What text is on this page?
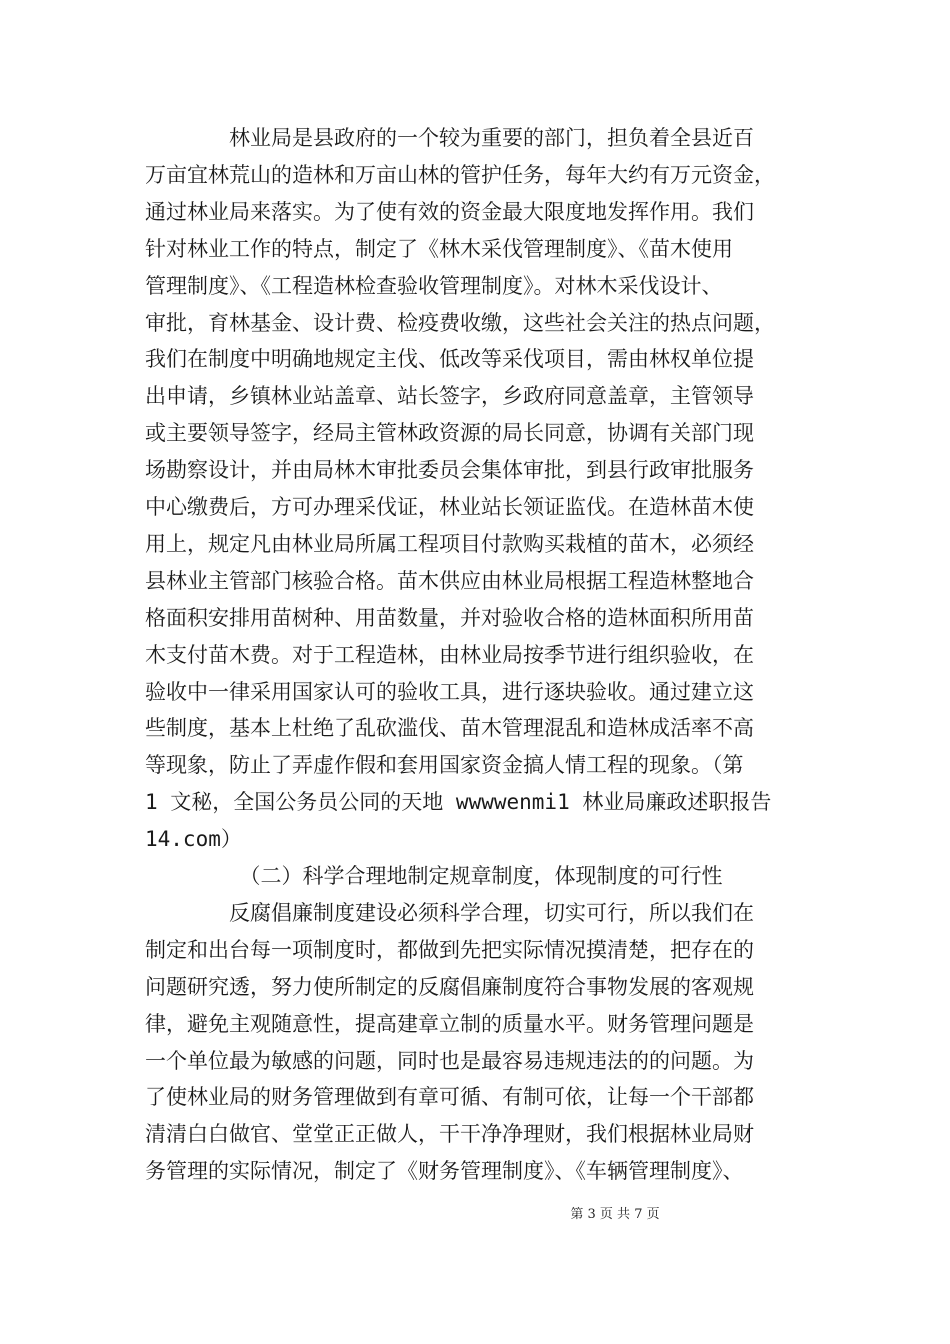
　　　　林业局是县政府的一个较为重要的部门，担负着全县近百
万亩宜林荒山的造林和万亩山林的管护任务，每年大约有万元资金，
通过林业局来落实。为了使有效的资金最大限度地发挥作用。我们
针对林业工作的特点，制定了《林木采伐管理制度》、《苗木使用
管理制度》、《工程造林检查验收管理制度》。对林木采伐设计、
审批，育林基金、设计费、检疫费收缴，这些社会关注的热点问题，
我们在制度中明确地规定主伐、低改等采伐项目，需由林权单位提
出申请，乡镇林业站盖章、站长签字，乡政府同意盖章，主管领导
或主要领导签字，经局主管林政资源的局长同意，协调有关部门现
场勘察设计，并由局林木审批委员会集体审批，到县行政审批服务
中心缴费后，方可办理采伐证，林业站长领证监伐。在造林苗木使
用上，规定凡由林业局所属工程项目付款购买栽植的苗木，必须经
县林业主管部门核验合格。苗木供应由林业局根据工程造林整地合
格面积安排用苗树种、用苗数量，并对验收合格的造林面积所用苗
木支付苗木费。对于工程造林，由林业局按季节进行组织验收，在
验收中一律采用国家认可的验收工具，进行逐块验收。通过建立这
些制度，基本上杜绝了乱砍滥伐、苗木管理混乱和造林成活率不高
等现象，防止了弄虚作假和套用国家资金搞人情工程的现象。（第
1 文秘，全国公务员公同的天地 wwwwenmi1 林业局廉政述职报告
14.com）
　　　　　（二）科学合理地制定规章制度，体现制度的可行性
　　　　反腐倡廉制度建设必须科学合理，切实可行，所以我们在
制定和出台每一项制度时，都做到先把实际情况摸清楚，把存在的
问题研究透，努力使所制定的反腐倡廉制度符合事物发展的客观规
律，避免主观随意性，提高建章立制的质量水平。财务管理问题是
一个单位最为敏感的问题，同时也是最容易违规违法的的问题。为
了使林业局的财务管理做到有章可循、有制可依，让每一个干部都
清清白白做官、堂堂正正做人，干干净净理财，我们根据林业局财
务管理的实际情况，制定了《财务管理制度》、《车辆管理制度》、
第 3 页 共 7 页
